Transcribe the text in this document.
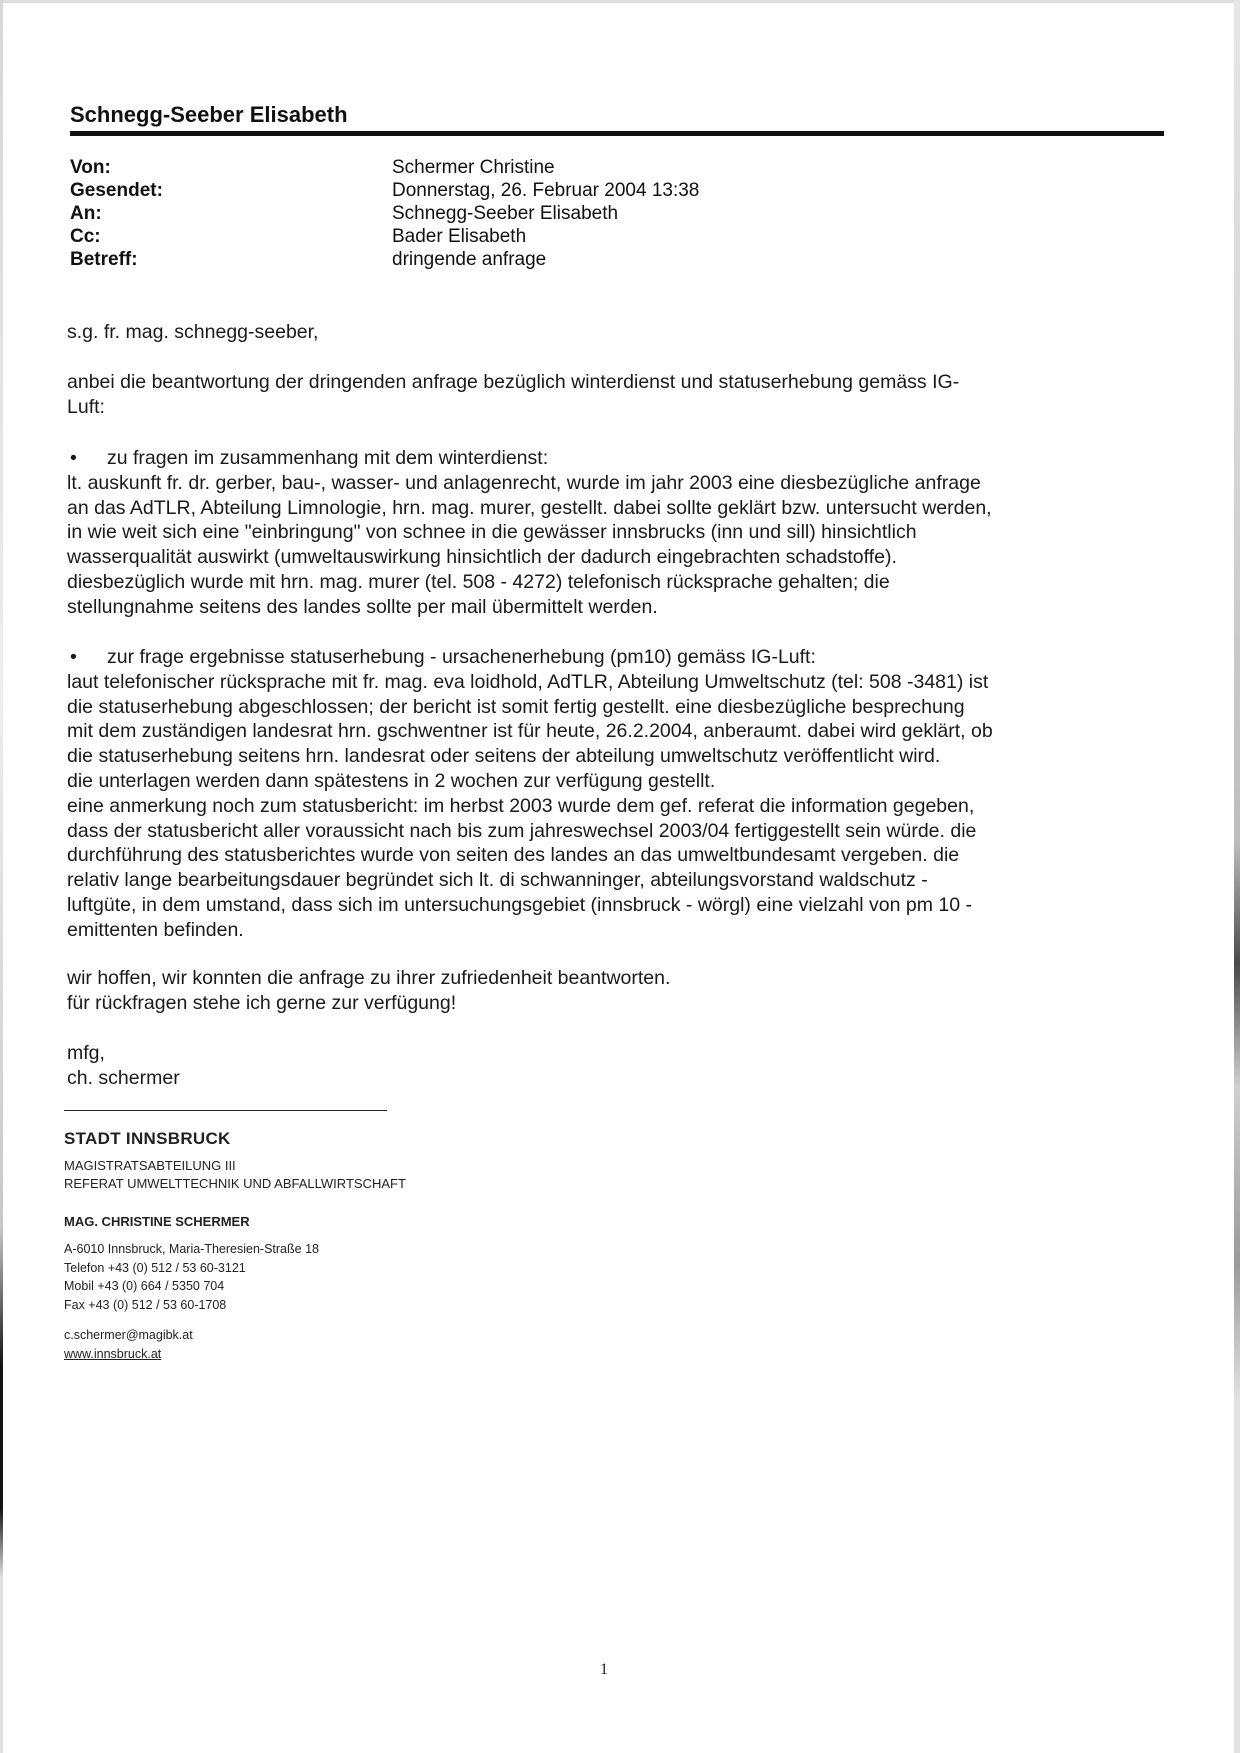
Schnegg-Seeber Elisabeth
Von:	Schermer Christine
Gesendet:	Donnerstag, 26. Februar 2004 13:38
An:	Schnegg-Seeber Elisabeth
Cc:	Bader Elisabeth
Betreff:	dringende anfrage
s.g. fr. mag. schnegg-seeber,
anbei die beantwortung der dringenden anfrage bezüglich winterdienst und statuserhebung gemäss IG-
Luft:
• zu fragen im zusammenhang mit dem winterdienst:
lt. auskunft fr. dr. gerber, bau-, wasser- und anlagenrecht, wurde im jahr 2003 eine diesbezügliche anfrage
an das AdTLR, Abteilung Limnologie, hrn. mag. murer, gestellt. dabei sollte geklärt bzw. untersucht werden,
in wie weit sich eine "einbringung" von schnee in die gewässer innsbrucks (inn und sill) hinsichtlich
wasserqualität auswirkt (umweltauswirkung hinsichtlich der dadurch eingebrachten schadstoffe).
diesbezüglich wurde mit hrn. mag. murer (tel. 508 - 4272) telefonisch rücksprache gehalten; die
stellungnahme seitens des landes sollte per mail übermittelt werden.
• zur frage ergebnisse statuserhebung - ursachenerhebung (pm10) gemäss IG-Luft:
laut telefonischer rücksprache mit fr. mag. eva loidhold, AdTLR, Abteilung Umweltschutz (tel: 508 -3481) ist
die statuserhebung abgeschlossen; der bericht ist somit fertig gestellt. eine diesbezügliche besprechung
mit dem zuständigen landesrat hrn. gschwentner ist für heute, 26.2.2004, anberaumt. dabei wird geklärt, ob
die statuserhebung seitens hrn. landesrat oder seitens der abteilung umweltschutz veröffentlicht wird.
die unterlagen werden dann spätestens in 2 wochen zur verfügung gestellt.
eine anmerkung noch zum statusbericht: im herbst 2003 wurde dem gef. referat die information gegeben,
dass der statusbericht aller voraussicht nach bis zum jahreswechsel 2003/04 fertiggestellt sein würde. die
durchführung des statusberichtes wurde von seiten des landes an das umweltbundesamt vergeben. die
relativ lange bearbeitungsdauer begründet sich lt. di schwanninger, abteilungsvorstand waldschutz -
luftgüte, in dem umstand, dass sich im untersuchungsgebiet (innsbruck - wörgl) eine vielzahl von pm 10 -
emittenten befinden.
wir hoffen, wir konnten die anfrage zu ihrer zufriedenheit beantworten.
für rückfragen stehe ich gerne zur verfügung!
mfg,
ch. schermer
STADT INNSBRUCK
MAGISTRATSABTEILUNG III
REFERAT UMWELTTECHNIK UND ABFALLWIRTSCHAFT
MAG. CHRISTINE SCHERMER
A-6010 Innsbruck, Maria-Theresien-Straße 18
Telefon +43 (0) 512 / 53 60-3121
Mobil +43 (0) 664 / 5350 704
Fax +43 (0) 512 / 53 60-1708
c.schermer@magibk.at
www.innsbruck.at
1
